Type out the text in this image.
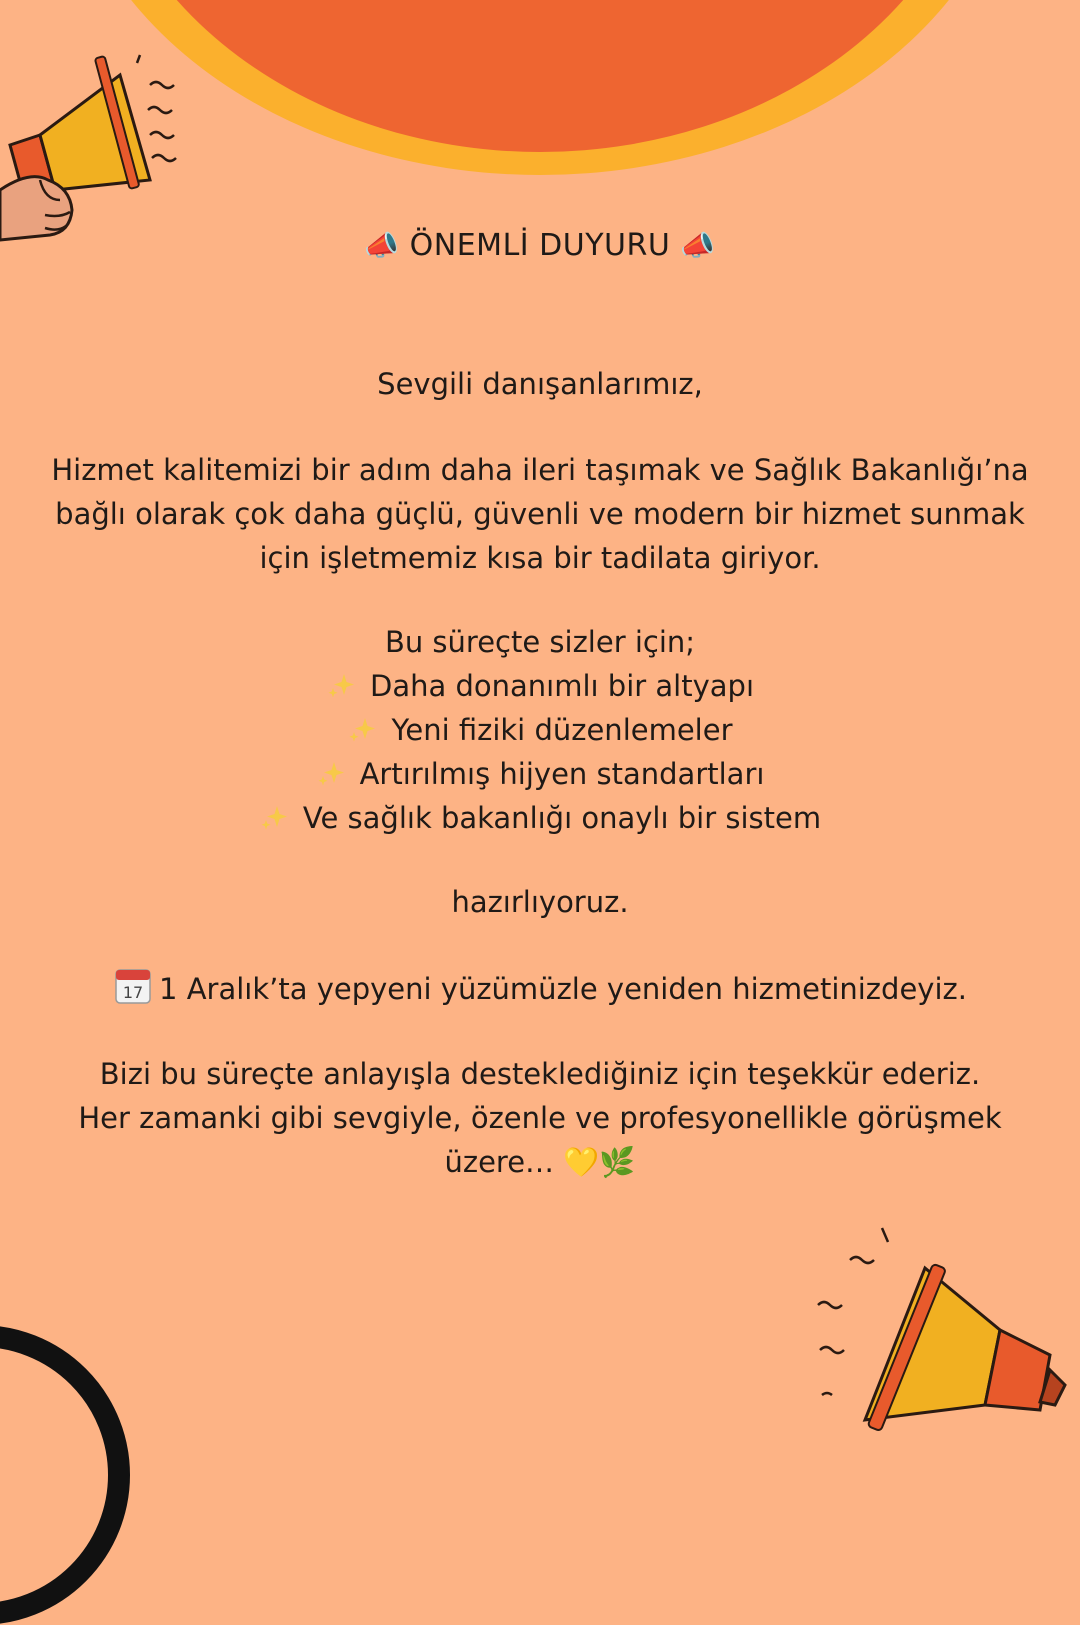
📣 ÖNEMLİ DUYURU 📣
Sevgili danışanlarımız,
Hizmet kalitemizi bir adım daha ileri taşımak ve Sağlık Bakanlığı’na
bağlı olarak çok daha güçlü, güvenli ve modern bir hizmet sunmak
için işletmemiz kısa bir tadilata giriyor.
Bu süreçte sizler için;
Daha donanımlı bir altyapı
Yeni fiziki düzenlemeler
Artırılmış hijyen standartları
Ve sağlık bakanlığı onaylı bir sistem
hazırlıyoruz.
17 1 Aralık’ta yepyeni yüzümüzle yeniden hizmetinizdeyiz.
Bizi bu süreçte anlayışla desteklediğiniz için teşekkür ederiz.
Her zamanki gibi sevgiyle, özenle ve profesyonellikle görüşmek
üzere… 💛🌿
